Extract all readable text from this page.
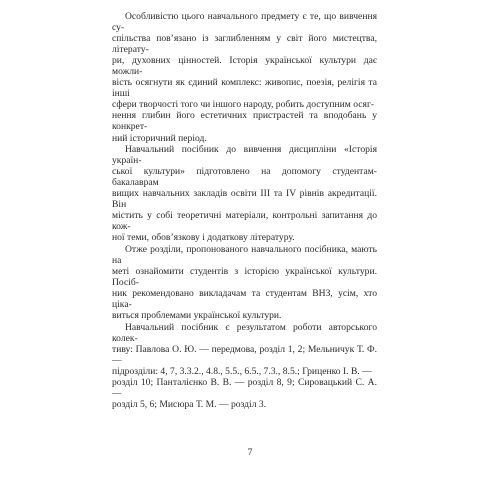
Особливістю цього навчального предмету є те, що вивчення су-
спільства пов’язано із заглибленням у світ його мистецтва, літерату-
ри, духовних цінностей. Історія української культури дає можли-
вість осягнути як єдиний комплекс: живопис, поезія, релігія та інші
сфери творчості того чи іншого народу, робить доступним осяг-
нення глибин його естетичних пристрастей та вподобань у конкрет-
ний історичний період.

Навчальний посібник до вивчення дисципліни «Історія україн-
ської культури» підготовлено на допомогу студентам-бакалаврам
вищих навчальних закладів освіти III та IV рівнів акредитації. Він
містить у собі теоретичні матеріали, контрольні запитання до кож-
ної теми, обов’язкову і додаткову літературу.

Отже розділи, пропонованого навчального посібника, мають на
меті ознайомити студентів з історією української культури. Посіб-
ник рекомендовано викладачам та студентам ВНЗ, усім, хто ціка-
виться проблемами української культури.

Навчальний посібник є результатом роботи авторського колек-
тиву: Павлова О. Ю. — передмова, розділ 1, 2; Мельничук Т. Ф. —
підрозділи: 4, 7, 3.3.2., 4.8., 5.5., 6.5., 7.3., 8.5.; Гриценко І. В. —
розділ 10; Панталієнко В. В. — розділ 8, 9; Сировацький С. А. —
розділ 5, 6; Мисюра Т. М. — розділ 3.

7
